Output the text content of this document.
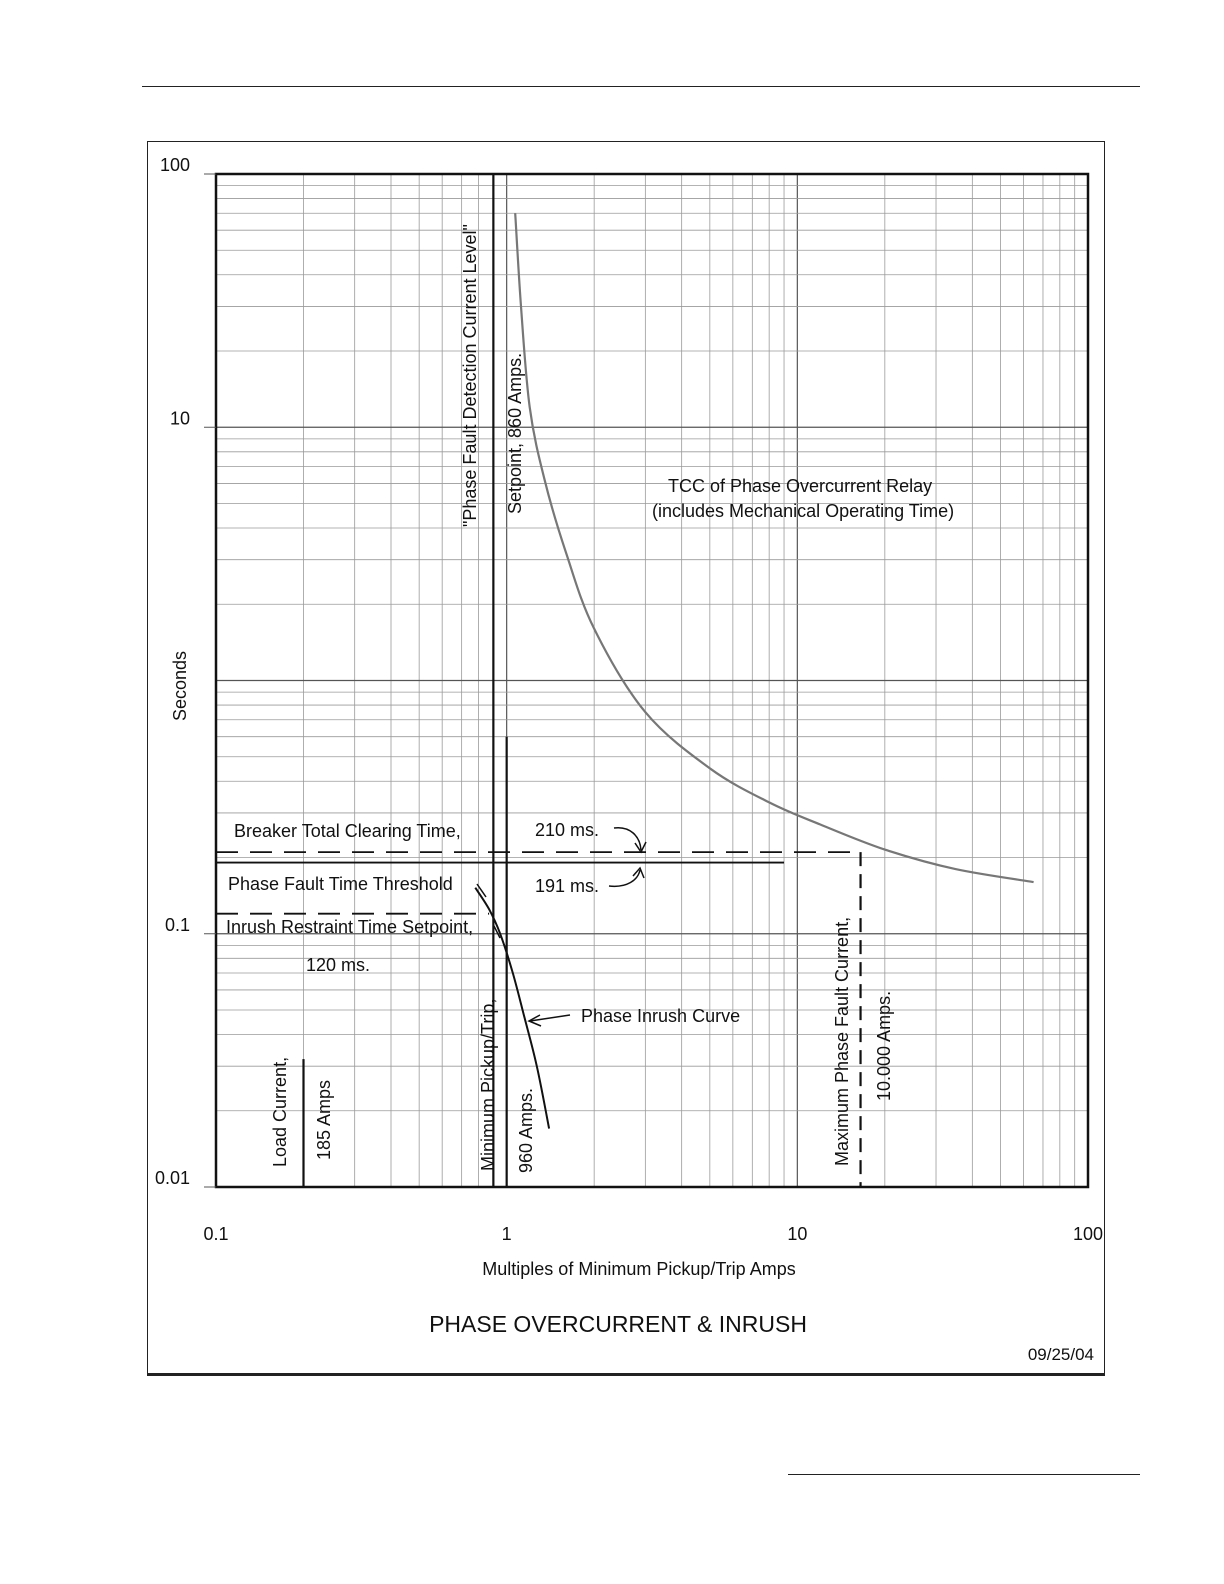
0.1	1	10	100
100
10
0.1
0.01
Multiples of Minimum Pickup/Trip Amps
Seconds
PHASE OVERCURRENT & INRUSH
09/25/04
"Phase Fault Detection Current Level" Setpoint, 860 Amps.	TCC of Phase Overcurrent Relay
(includes Mechanical Operating Time)
Breaker Total Clearing Time,	210 ms.
Phase Fault Time Threshold	191 ms.
Inrush Restraint Time Setpoint,
120 ms.
Phase Inrush Curve
Load Current, 185 Amps	Minimum Pickup/Trip, 960 Amps.	Maximum Phase Fault Current, 10.000 Amps.
